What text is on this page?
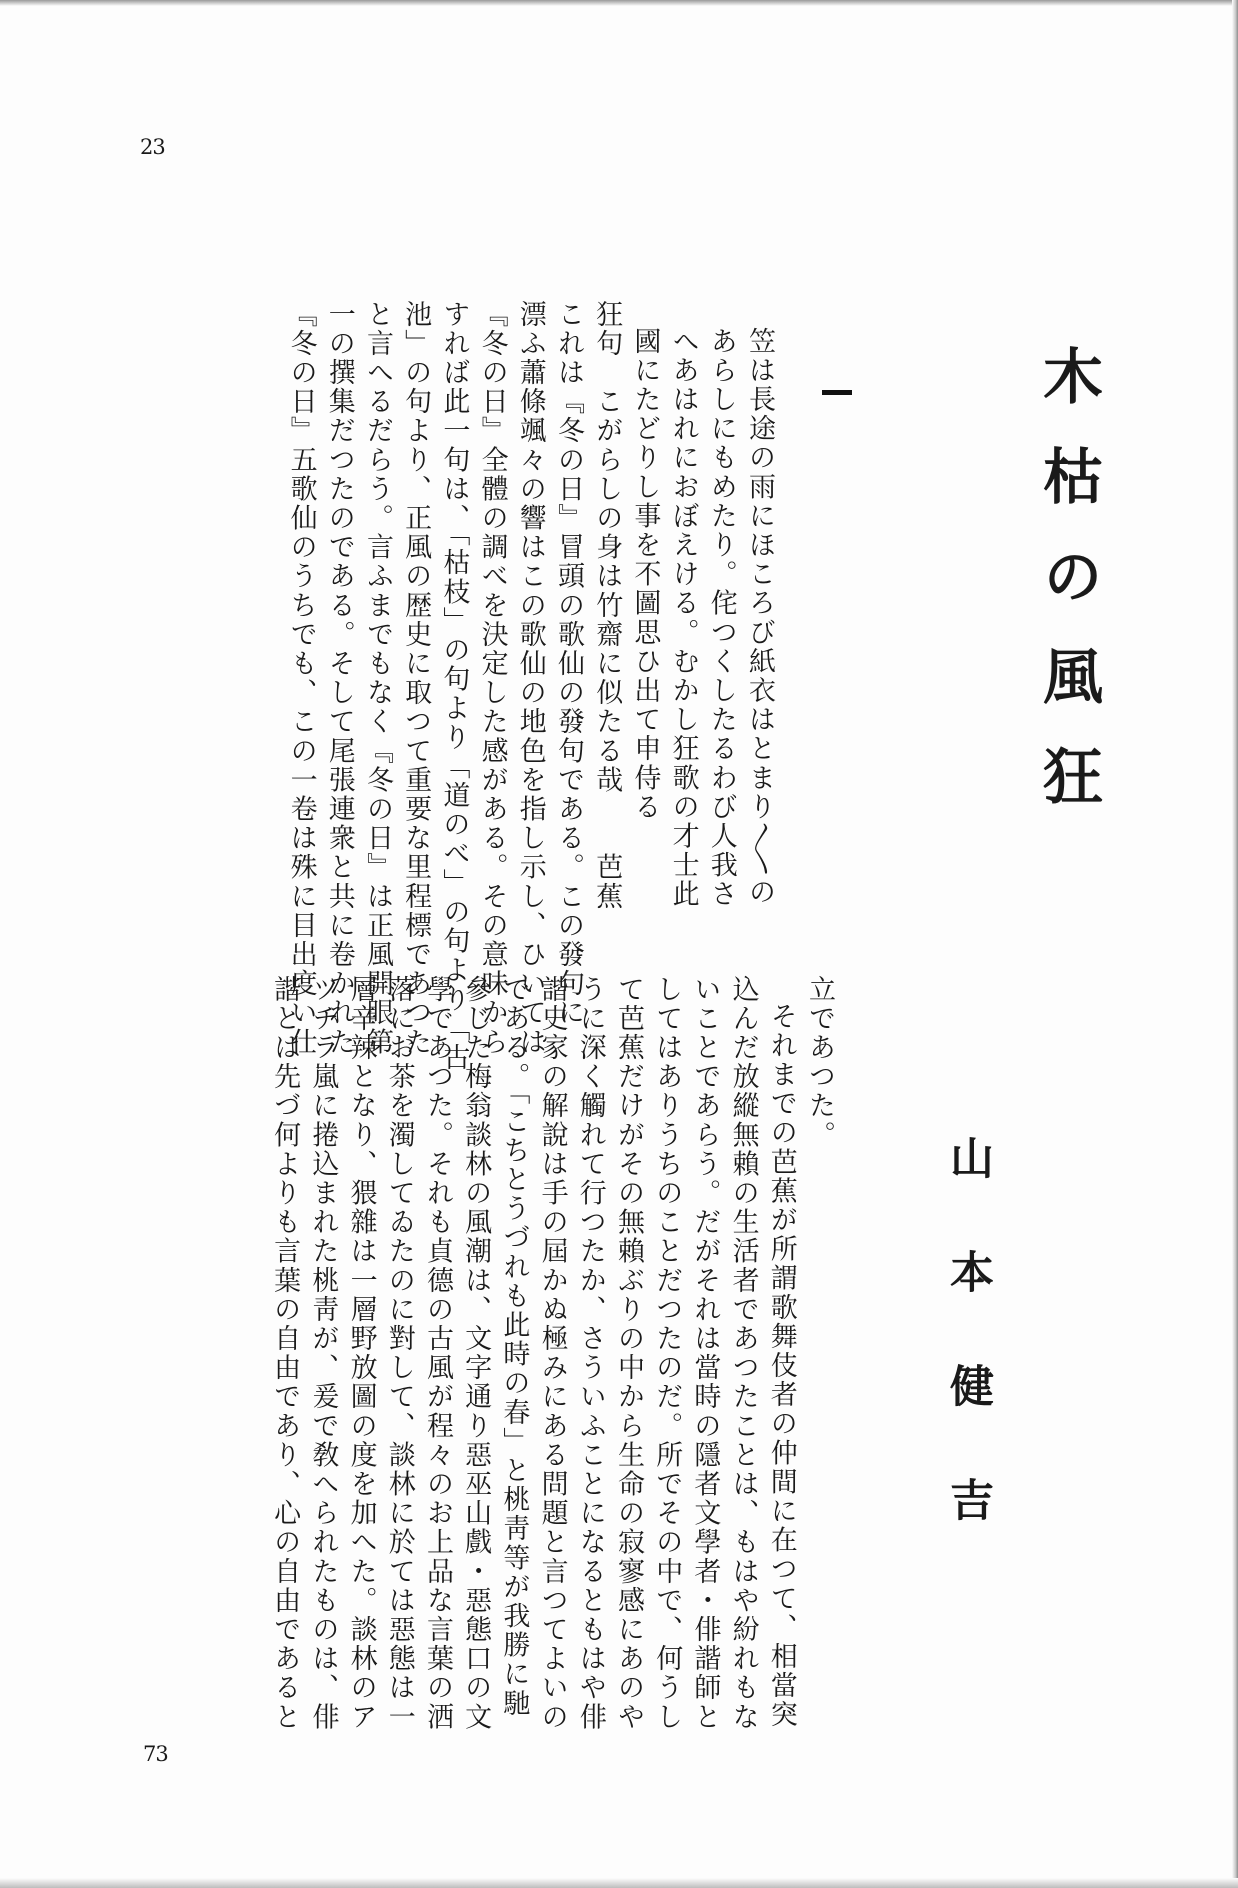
23
73
木枯の風狂
山本健吉
笠は長途の雨にほころび紙衣はとまり〳〵の
あらしにもめたり。侘つくしたるわび人我さ
へあはれにおぼえける。むかし狂歌の才士此
國にたどりし事を不圖思ひ出て申侍る
狂句　こがらしの身は竹齋に似たる哉　　芭蕉
これは『冬の日』冒頭の歌仙の發句である。この發句に
漂ふ蕭條颯々の響はこの歌仙の地色を指し示し、ひいては
『冬の日』全體の調べを決定した感がある。その意味から
すれば此一句は、「枯枝」の句より「道のべ」の句より「古
池」の句より、正風の歴史に取つて重要な里程標であつた
と言へるだらう。言ふまでもなく『冬の日』は正風開眼第
一の撰集だつたのである。そして尾張連衆と共に卷かれた
『冬の日』五歌仙のうちでも、この一卷は殊に目出度い仕
立であつた。
それまでの芭蕉が所謂歌舞伎者の仲間に在つて、相當突
込んだ放縱無賴の生活者であつたことは、もはや紛れもな
いことであらう。だがそれは當時の隱者文學者・俳諧師と
してはありうちのことだつたのだ。所でその中で、何うし
て芭蕉だけがその無賴ぶりの中から生命の寂寥感にあのや
うに深く觸れて行つたか、さういふことになるともはや俳
諧史家の解說は手の屆かぬ極みにある問題と言つてよいの
である。「こちとうづれも此時の春」と桃靑等が我勝に馳
參じた梅翁談林の風潮は、文字通り惡巫山戲・惡態口の文
學であつた。それも貞德の古風が程々のお上品な言葉の洒
落にお茶を濁してゐたのに對して、談林に於ては惡態は一
層辛辣となり、猥雜は一層野放圖の度を加へた。談林のア
ツチラ嵐に捲込まれた桃靑が、爰で敎へられたものは、俳
諧とは先づ何よりも言葉の自由であり、心の自由であると
